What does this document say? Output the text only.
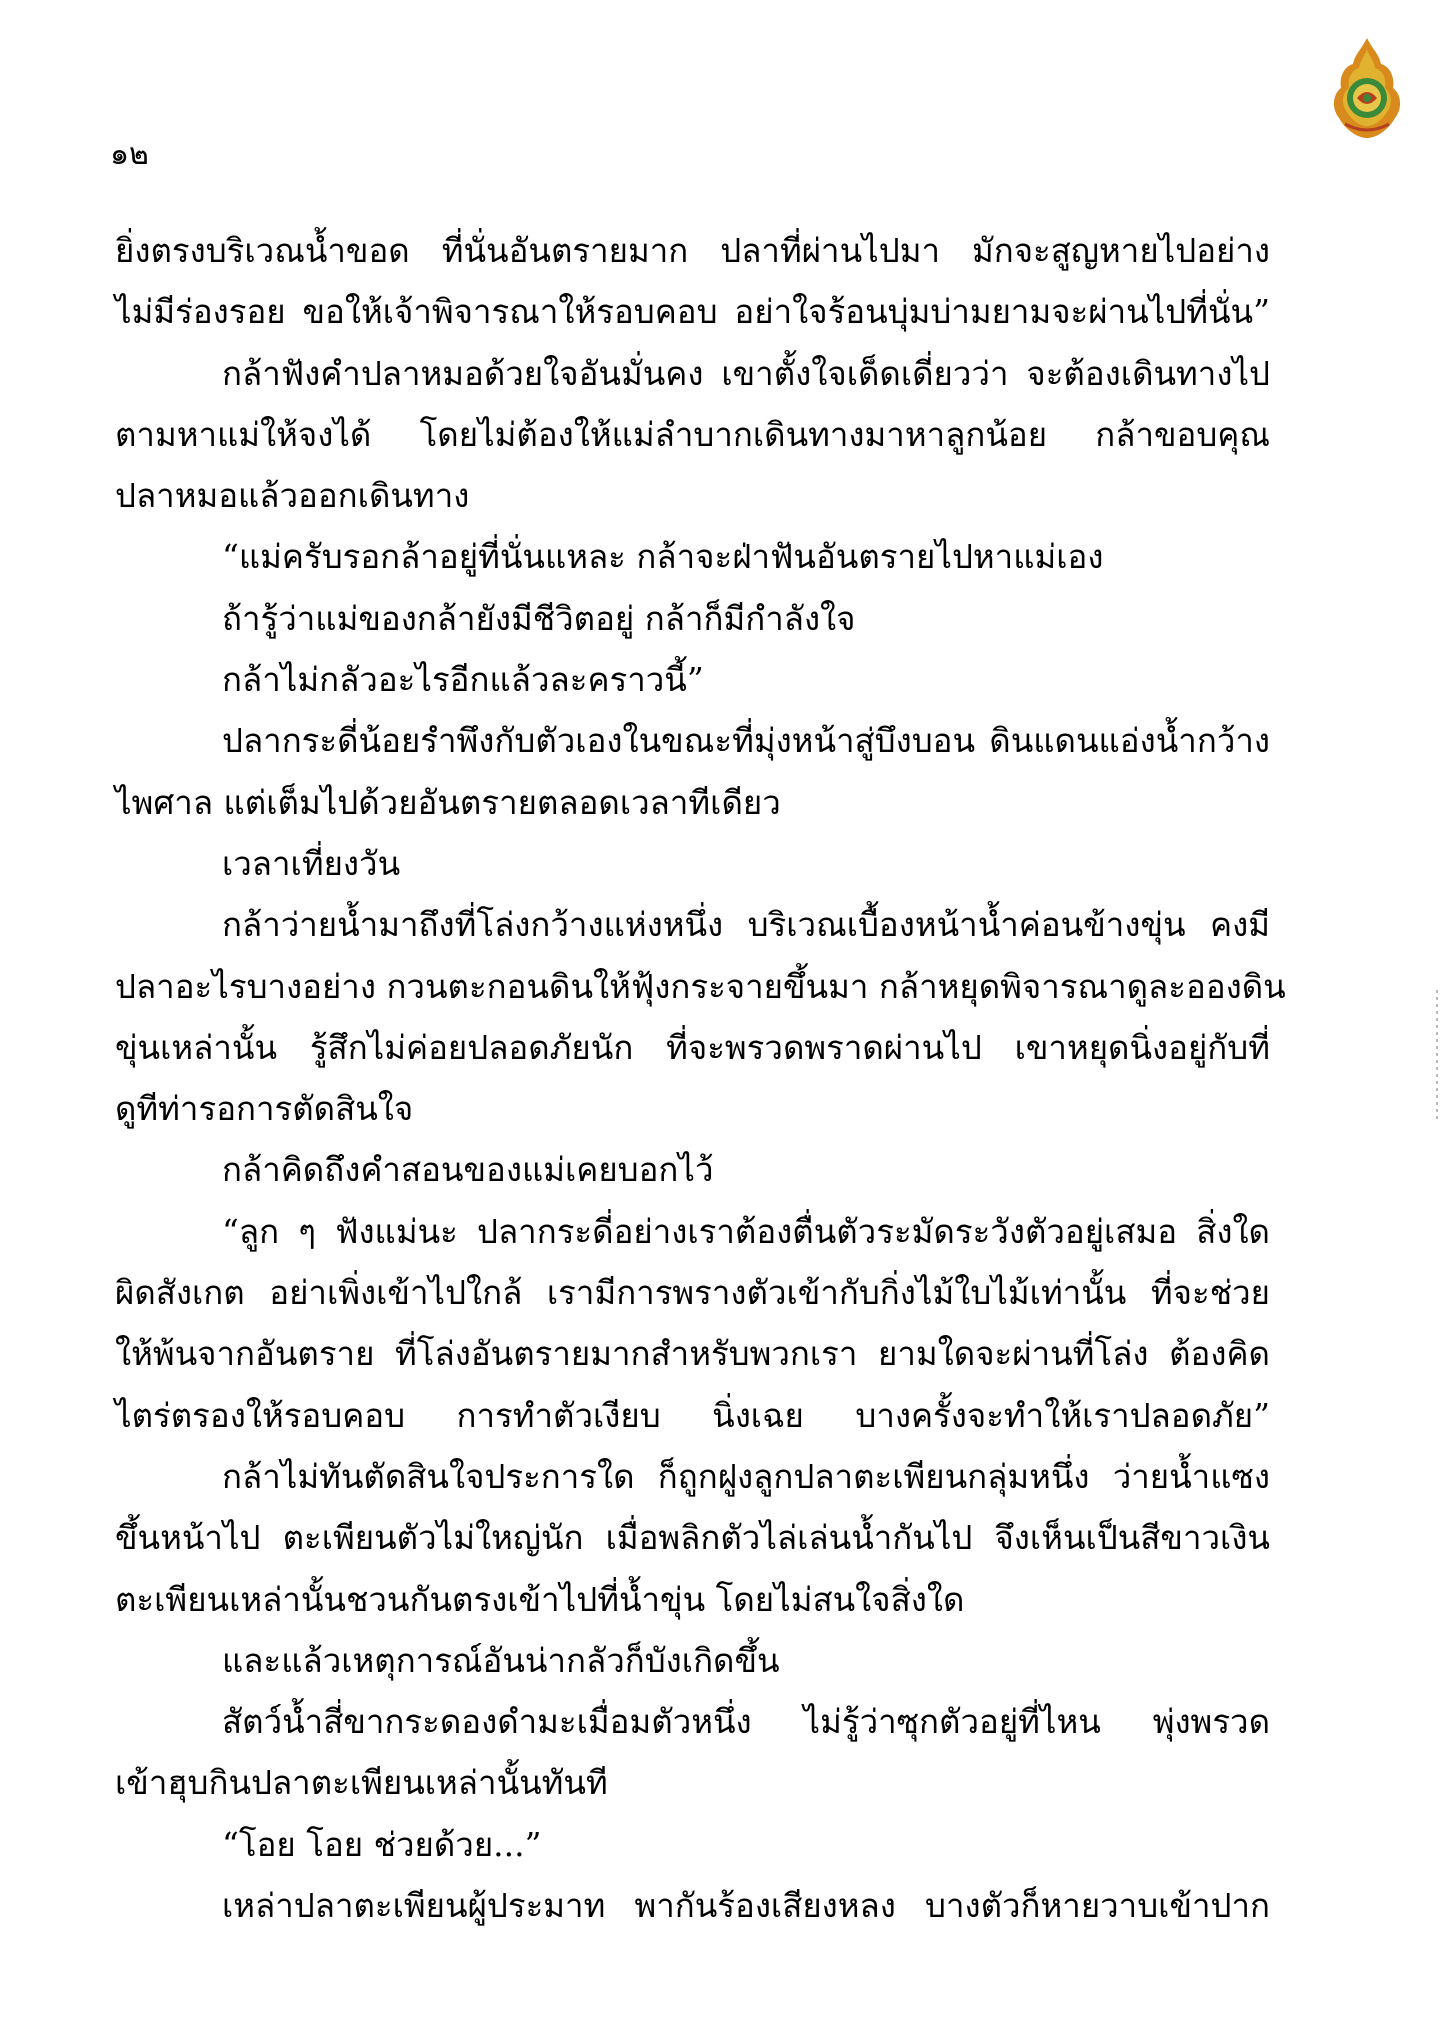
๑๒
ยิ่งตรงบริเวณน้ำขอด ที่นั่นอันตรายมาก ปลาที่ผ่านไปมา มักจะสูญหายไปอย่าง
ไม่มีร่องรอย ขอให้เจ้าพิจารณาให้รอบคอบ อย่าใจร้อนบุ่มบ่ามยามจะผ่านไปที่นั่น”
กล้าฟังคำปลาหมอด้วยใจอันมั่นคง เขาตั้งใจเด็ดเดี่ยวว่า จะต้องเดินทางไป
ตามหาแม่ให้จงได้ โดยไม่ต้องให้แม่ลำบากเดินทางมาหาลูกน้อย กล้าขอบคุณ
ปลาหมอแล้วออกเดินทาง
“แม่ครับรอกล้าอยู่ที่นั่นแหละ กล้าจะฝ่าฟันอันตรายไปหาแม่เอง
ถ้ารู้ว่าแม่ของกล้ายังมีชีวิตอยู่ กล้าก็มีกำลังใจ
กล้าไม่กลัวอะไรอีกแล้วละคราวนี้”
ปลากระดี่น้อยรำพึงกับตัวเองในขณะที่มุ่งหน้าสู่บึงบอน ดินแดนแอ่งน้ำกว้าง
ไพศาล แต่เต็มไปด้วยอันตรายตลอดเวลาทีเดียว
เวลาเที่ยงวัน
กล้าว่ายน้ำมาถึงที่โล่งกว้างแห่งหนึ่ง บริเวณเบื้องหน้าน้ำค่อนข้างขุ่น คงมี
ปลาอะไรบางอย่าง กวนตะกอนดินให้ฟุ้งกระจายขึ้นมา กล้าหยุดพิจารณาดูละอองดิน
ขุ่นเหล่านั้น รู้สึกไม่ค่อยปลอดภัยนัก ที่จะพรวดพราดผ่านไป เขาหยุดนิ่งอยู่กับที่
ดูทีท่ารอการตัดสินใจ
กล้าคิดถึงคำสอนของแม่เคยบอกไว้
“ลูก ๆ ฟังแม่นะ ปลากระดี่อย่างเราต้องตื่นตัวระมัดระวังตัวอยู่เสมอ สิ่งใด
ผิดสังเกต อย่าเพิ่งเข้าไปใกล้ เรามีการพรางตัวเข้ากับกิ่งไม้ใบไม้เท่านั้น ที่จะช่วย
ให้พ้นจากอันตราย ที่โล่งอันตรายมากสำหรับพวกเรา ยามใดจะผ่านที่โล่ง ต้องคิด
ไตร่ตรองให้รอบคอบ การทำตัวเงียบ นิ่งเฉย บางครั้งจะทำให้เราปลอดภัย”
กล้าไม่ทันตัดสินใจประการใด ก็ถูกฝูงลูกปลาตะเพียนกลุ่มหนึ่ง ว่ายน้ำแซง
ขึ้นหน้าไป ตะเพียนตัวไม่ใหญ่นัก เมื่อพลิกตัวไล่เล่นน้ำกันไป จึงเห็นเป็นสีขาวเงิน
ตะเพียนเหล่านั้นชวนกันตรงเข้าไปที่น้ำขุ่น โดยไม่สนใจสิ่งใด
และแล้วเหตุการณ์อันน่ากลัวก็บังเกิดขึ้น
สัตว์น้ำสี่ขากระดองดำมะเมื่อมตัวหนึ่ง ไม่รู้ว่าซุกตัวอยู่ที่ไหน พุ่งพรวด
เข้าฮุบกินปลาตะเพียนเหล่านั้นทันที
“โอย โอย ช่วยด้วย...”
เหล่าปลาตะเพียนผู้ประมาท พากันร้องเสียงหลง บางตัวก็หายวาบเข้าปาก
